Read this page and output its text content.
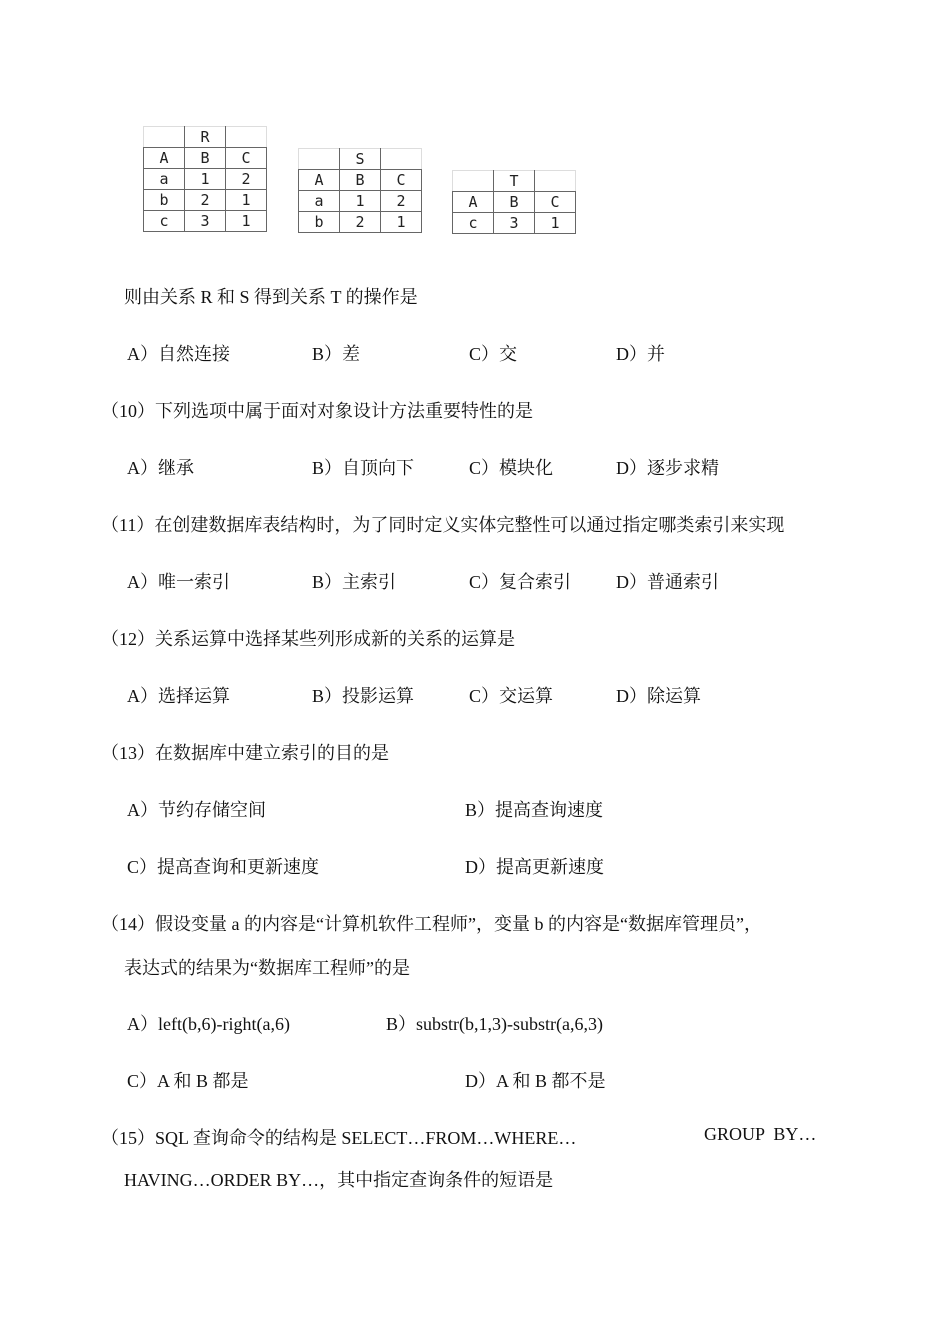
	R	
A	B	C
a	1	2
b	2	1
c	3	1
	S	
A	B	C
a	1	2
b	2	1
	T	
A	B	C
c	3	1
则由关系 R 和 S 得到关系 T 的操作是
A）自然连接	B）差	C）交	D）并
（10）下列选项中属于面对对象设计方法重要特性的是
A）继承	B）自顶向下	C）模块化	D）逐步求精
（11）在创建数据库表结构时，为了同时定义实体完整性可以通过指定哪类索引来实现
A）唯一索引	B）主索引	C）复合索引 D）普通索引
（12）关系运算中选择某些列形成新的关系的运算是
A）选择运算	B）投影运算	C）交运算	D）除运算
（13）在数据库中建立索引的目的是
A）节约存储空间	B）提高查询速度
C）提高查询和更新速度	D）提高更新速度
（14）假设变量 a 的内容是“计算机软件工程师”，变量 b 的内容是“数据库管理员”，
表达式的结果为“数据库工程师”的是
A）left(b,6)-right(a,6)	B）substr(b,1,3)-substr(a,6,3)
C）A 和 B 都是	D）A 和 B 都不是
（15）SQL 查询命令的结构是 SELECT…FROM…WHERE…	GROUP  BY…
HAVING…ORDER BY…，其中指定查询条件的短语是
